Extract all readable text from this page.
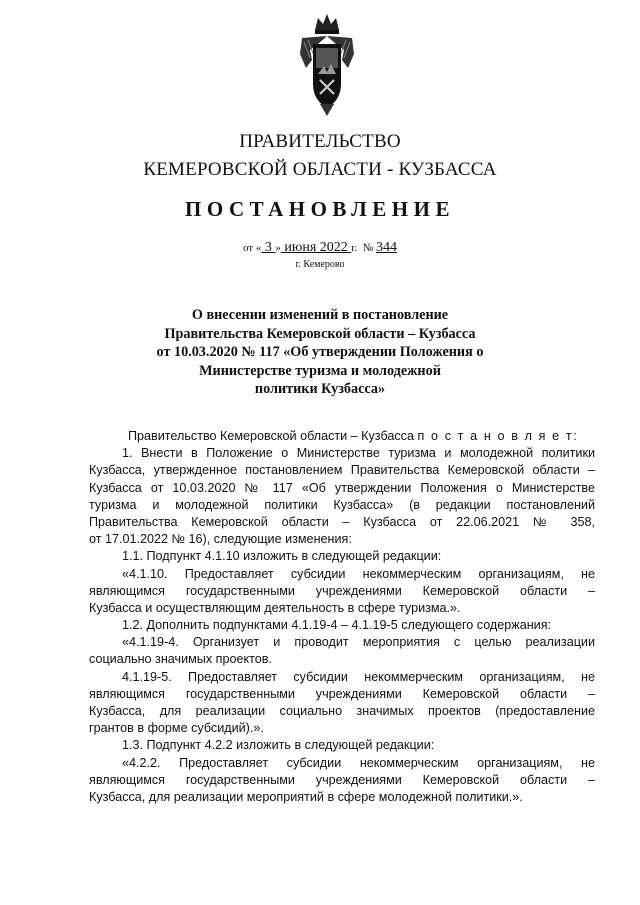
ПРАВИТЕЛЬСТВО
КЕМЕРОВСКОЙ ОБЛАСТИ - КУЗБАССА
ПОСТАНОВЛЕНИЕ
от « 3 » июня 2022 г. № 344
г. Кемерово
О внесении изменений в постановление
Правительства Кемеровской области – Кузбасса
от 10.03.2020 № 117 «Об утверждении Положения о
Министерстве туризма и молодежной
политики Кузбасса»
Правительство Кемеровской области – Кузбасса п о с т а н о в л я е т:
1. Внести в Положение о Министерстве туризма и молодежной политики
Кузбасса, утвержденное постановлением Правительства Кемеровской области –
Кузбасса от 10.03.2020 № 117 «Об утверждении Положения о Министерстве
туризма и молодежной политики Кузбасса» (в редакции постановлений
Правительства Кемеровской области – Кузбасса от 22.06.2021 № 358,
от 17.01.2022 № 16), следующие изменения:
1.1. Подпункт 4.1.10 изложить в следующей редакции:
«4.1.10. Предоставляет субсидии некоммерческим организациям, не
являющимся государственными учреждениями Кемеровской области –
Кузбасса и осуществляющим деятельность в сфере туризма.».
1.2. Дополнить подпунктами 4.1.19-4 – 4.1.19-5 следующего содержания:
«4.1.19-4. Организует и проводит мероприятия с целью реализации
социально значимых проектов.
4.1.19-5. Предоставляет субсидии некоммерческим организациям, не
являющимся государственными учреждениями Кемеровской области –
Кузбасса, для реализации социально значимых проектов (предоставление
грантов в форме субсидий).».
1.3. Подпункт 4.2.2 изложить в следующей редакции:
«4.2.2. Предоставляет субсидии некоммерческим организациям, не
являющимся государственными учреждениями Кемеровской области –
Кузбасса, для реализации мероприятий в сфере молодежной политики.».
